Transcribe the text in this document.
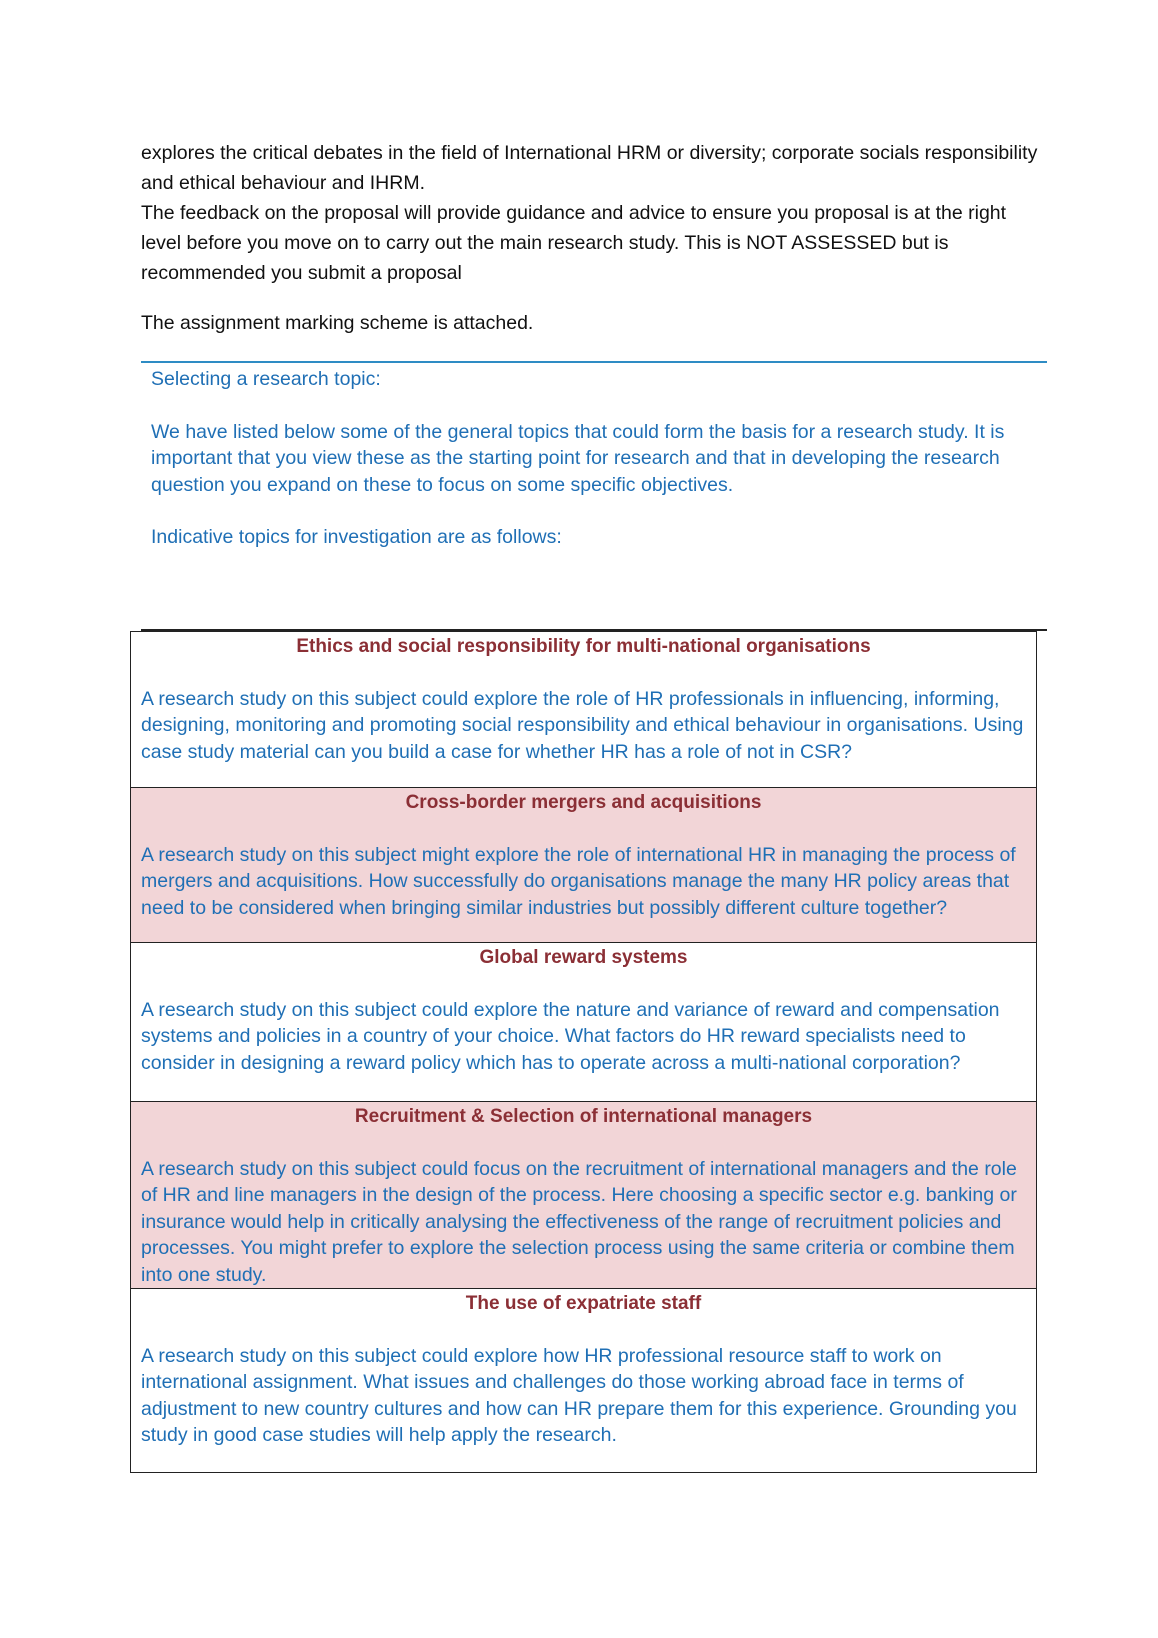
explores the critical debates in the field of International HRM or diversity; corporate socials responsibility and ethical behaviour and IHRM.

The feedback on the proposal will provide guidance and advice to ensure you proposal is at the right level before you move on to carry out the main research study. This is NOT ASSESSED but is recommended you submit a proposal

The assignment marking scheme is attached.

Selecting a research topic:

We have listed below some of the general topics that could form the basis for a research study. It is important that you view these as the starting point for research and that in developing the research question you expand on these to focus on some specific objectives.

Indicative topics for investigation are as follows:

Ethics and social responsibility for multi-national organisations
A research study on this subject could explore the role of HR professionals in influencing, informing, designing, monitoring and promoting social responsibility and ethical behaviour in organisations. Using case study material can you build a case for whether HR has a role of not in CSR?

Cross-border mergers and acquisitions
A research study on this subject might explore the role of international HR in managing the process of mergers and acquisitions. How successfully do organisations manage the many HR policy areas that need to be considered when bringing similar industries but possibly different culture together?

Global reward systems
A research study on this subject could explore the nature and variance of reward and compensation systems and policies in a country of your choice. What factors do HR reward specialists need to consider in designing a reward policy which has to operate across a multi-national corporation?

Recruitment & Selection of international managers
A research study on this subject could focus on the recruitment of international managers and the role of HR and line managers in the design of the process. Here choosing a specific sector e.g. banking or insurance would help in critically analysing the effectiveness of the range of recruitment policies and processes. You might prefer to explore the selection process using the same criteria or combine them into one study.

The use of expatriate staff
A research study on this subject could explore how HR professional resource staff to work on international assignment. What issues and challenges do those working abroad face in terms of adjustment to new country cultures and how can HR prepare them for this experience. Grounding you study in good case studies will help apply the research.
